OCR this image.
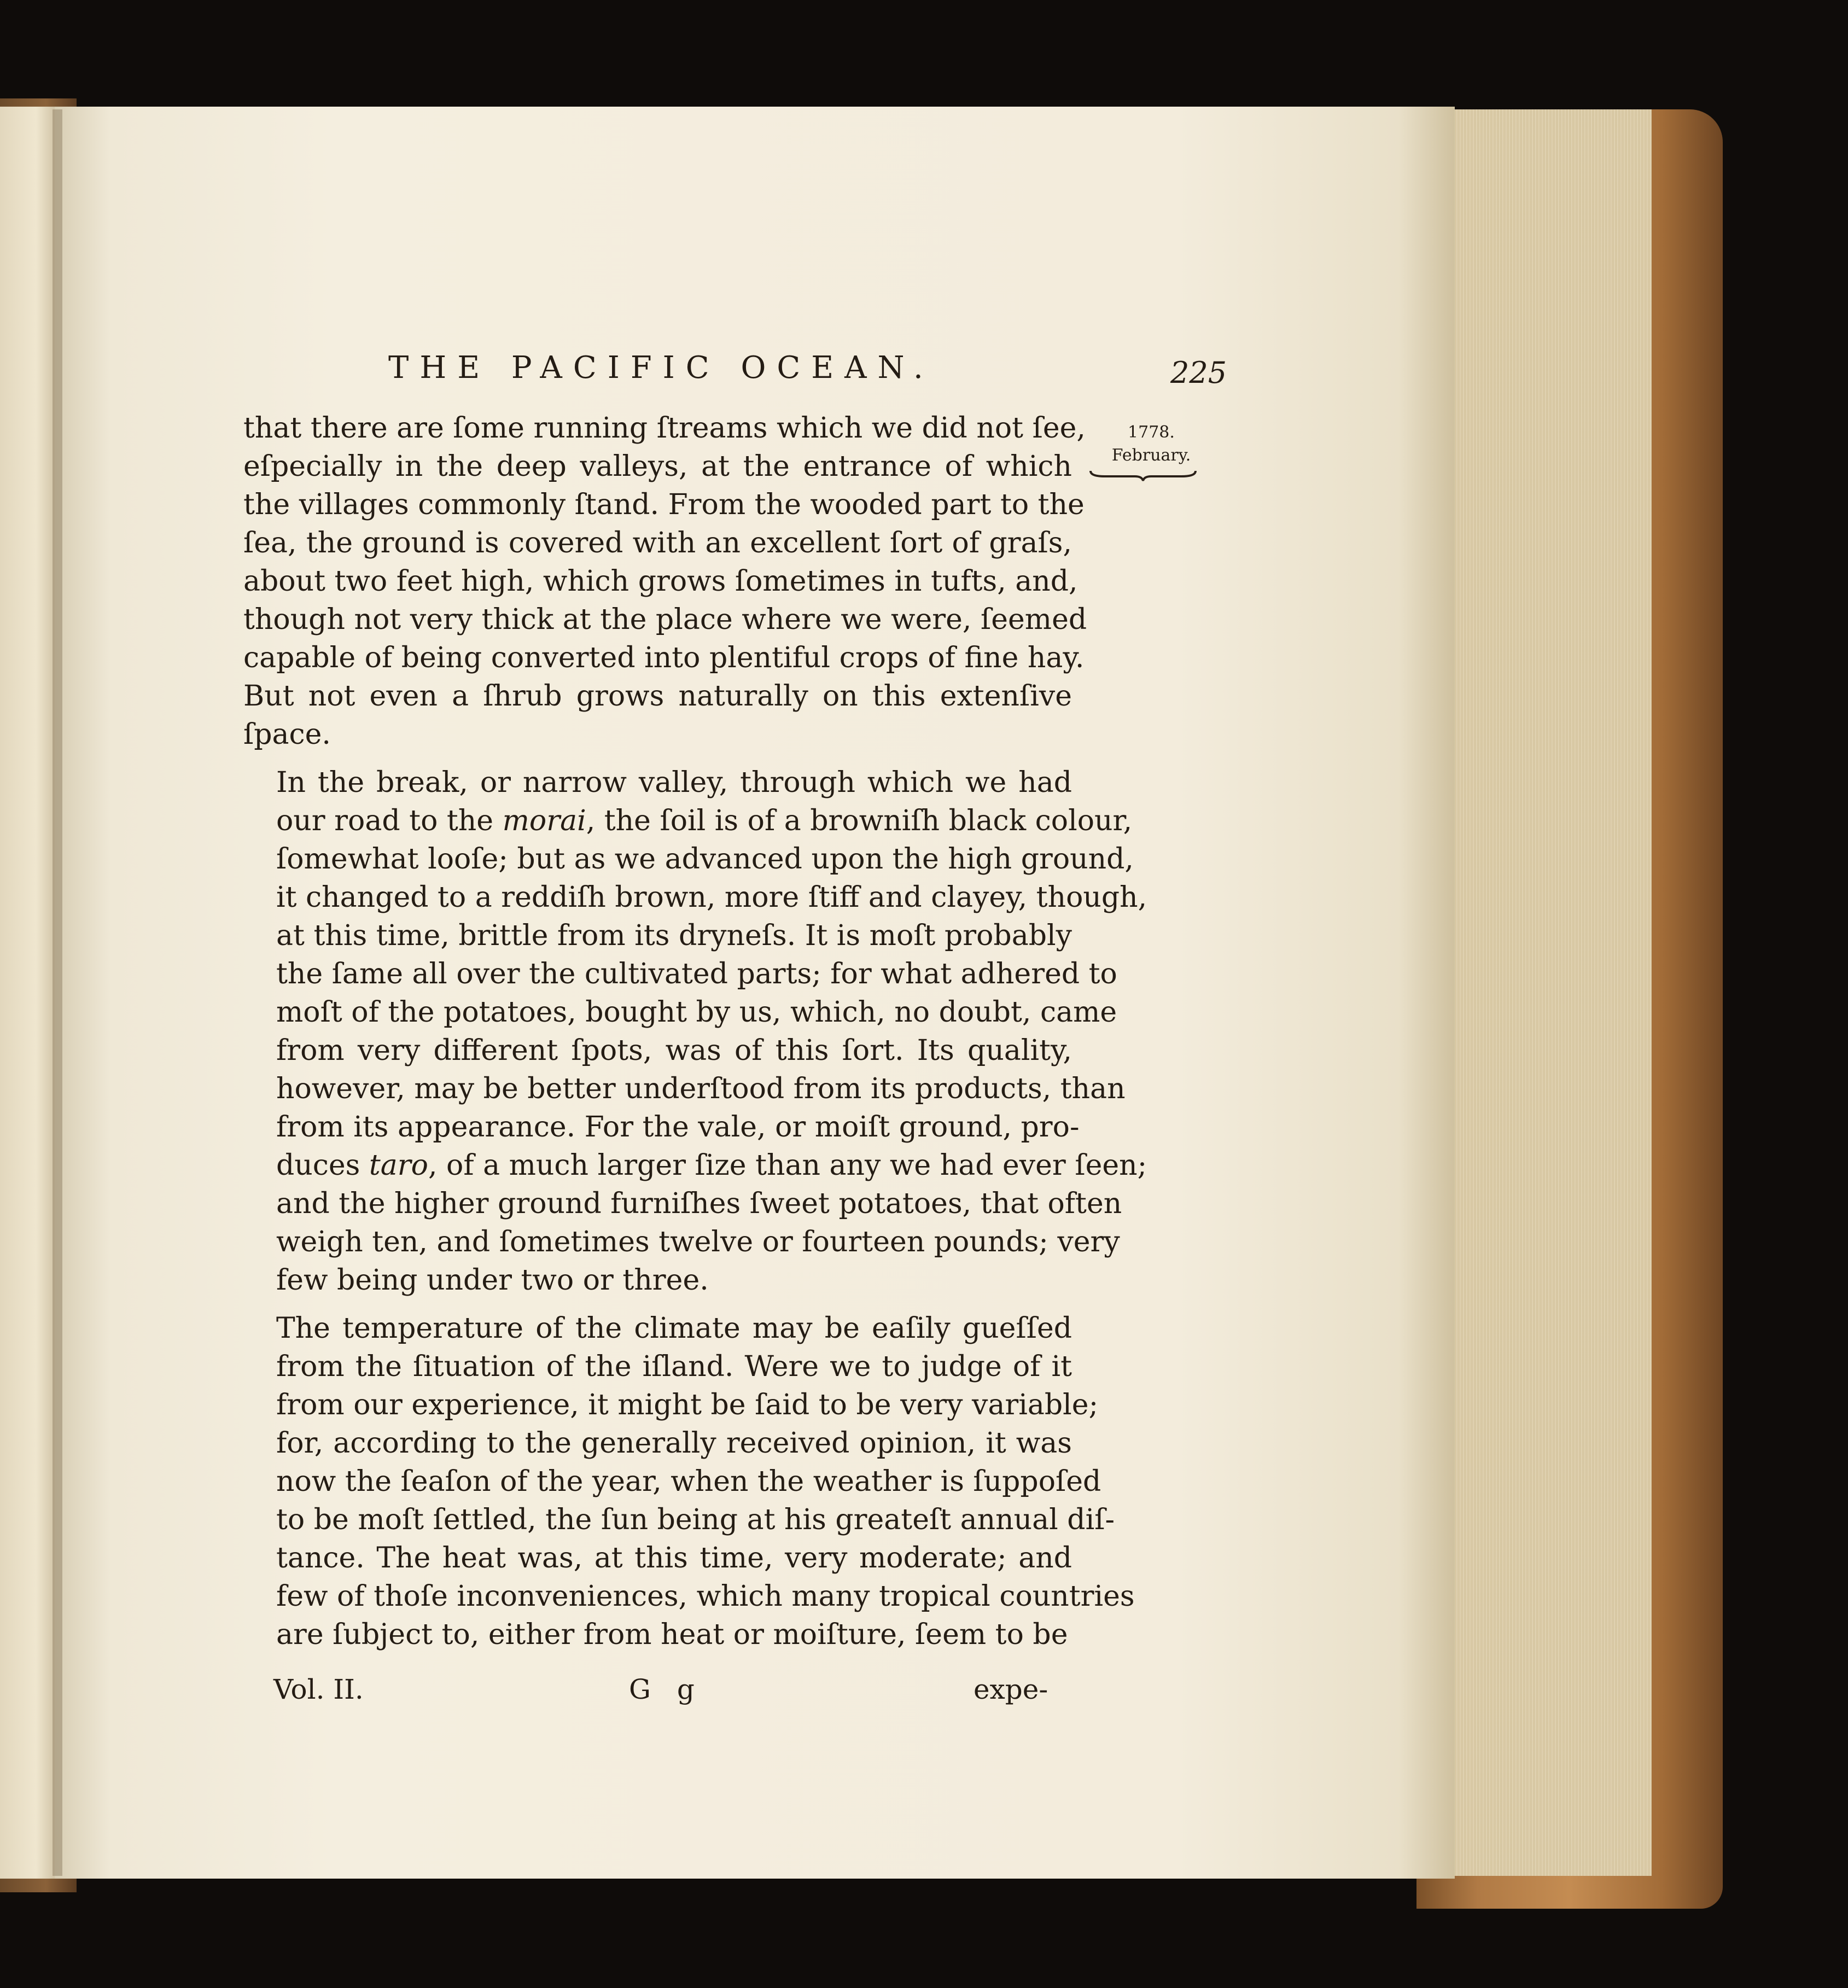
THE PACIFIC OCEAN.	225
1778.
February.
that there are ſome running ſtreams which we did not ſee,
eſpecially in the deep valleys, at the entrance of which
the villages commonly ſtand. From the wooded part to the
ſea, the ground is covered with an excellent ſort of graſs,
about two feet high, which grows ſometimes in tufts, and,
though not very thick at the place where we were, ſeemed
capable of being converted into plentiful crops of fine hay.
But not even a ſhrub grows naturally on this extenſive
ſpace.
In the break, or narrow valley, through which we had
our road to the morai, the ſoil is of a browniſh black colour,
ſomewhat looſe; but as we advanced upon the high ground,
it changed to a reddiſh brown, more ſtiff and clayey, though,
at this time, brittle from its dryneſs. It is moſt probably
the ſame all over the cultivated parts; for what adhered to
moſt of the potatoes, bought by us, which, no doubt, came
from very different ſpots, was of this ſort. Its quality,
however, may be better underſtood from its products, than
from its appearance. For the vale, or moiſt ground, pro-
duces taro, of a much larger ſize than any we had ever ſeen;
and the higher ground furniſhes ſweet potatoes, that often
weigh ten, and ſometimes twelve or fourteen pounds; very
few being under two or three.
The temperature of the climate may be eaſily gueſſed
from the ſituation of the iſland. Were we to judge of it
from our experience, it might be ſaid to be very variable;
for, according to the generally received opinion, it was
now the ſeaſon of the year, when the weather is ſuppoſed
to be moſt ſettled, the ſun being at his greateſt annual diſ-
tance. The heat was, at this time, very moderate; and
few of thoſe inconveniences, which many tropical countries
are ſubject to, either from heat or moiſture, ſeem to be
Vol. II.	G g	expe-
